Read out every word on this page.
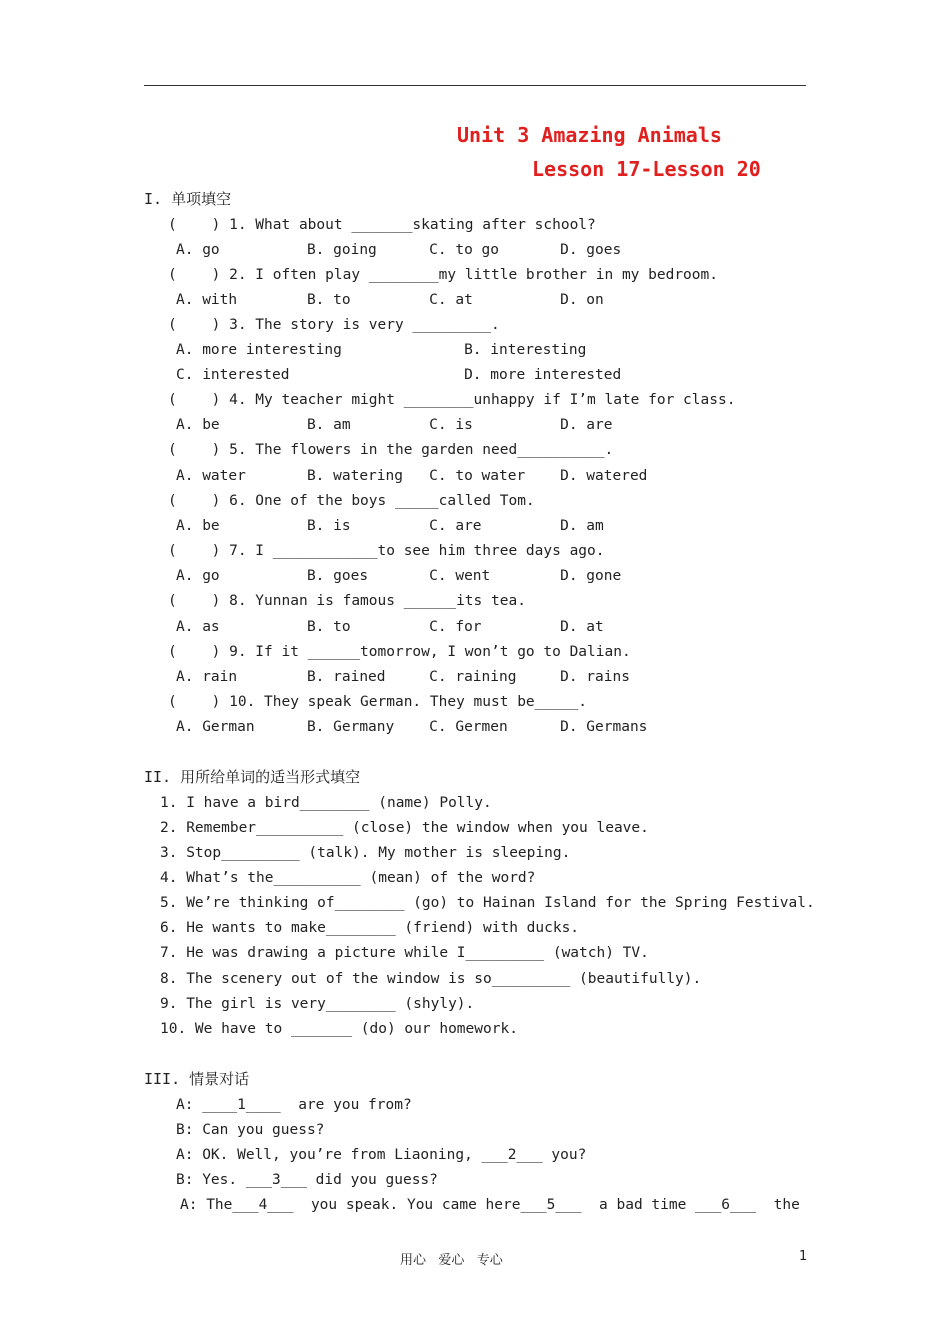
Unit 3 Amazing Animals
Lesson 17-Lesson 20
I. 单项填空
(    ) 1. What about _______skating after school?
A. go          B. going      C. to go       D. goes
(    ) 2. I often play ________my little brother in my bedroom.
A. with        B. to         C. at          D. on
(    ) 3. The story is very _________.
A. more interesting              B. interesting
C. interested                    D. more interested
(    ) 4. My teacher might ________unhappy if I’m late for class.
A. be          B. am         C. is          D. are
(    ) 5. The flowers in the garden need__________.
A. water       B. watering   C. to water    D. watered
(    ) 6. One of the boys _____called Tom.
A. be          B. is         C. are         D. am
(    ) 7. I ____________to see him three days ago.
A. go          B. goes       C. went        D. gone
(    ) 8. Yunnan is famous ______its tea.
A. as          B. to         C. for         D. at
(    ) 9. If it ______tomorrow, I won’t go to Dalian.
A. rain        B. rained     C. raining     D. rains
(    ) 10. They speak German. They must be_____.
A. German      B. Germany    C. Germen      D. Germans
II. 用所给单词的适当形式填空
1. I have a bird________ (name) Polly.
2. Remember__________ (close) the window when you leave.
3. Stop_________ (talk). My mother is sleeping.
4. What’s the__________ (mean) of the word?
5. We’re thinking of________ (go) to Hainan Island for the Spring Festival.
6. He wants to make________ (friend) with ducks.
7. He was drawing a picture while I_________ (watch) TV.
8. The scenery out of the window is so_________ (beautifully).
9. The girl is very________ (shyly).
10. We have to _______ (do) our homework.
III. 情景对话
A: ____1____  are you from?
B: Can you guess?
A: OK. Well, you’re from Liaoning, ___2___ you?
B: Yes. ___3___ did you guess?
A: The___4___  you speak. You came here___5___  a bad time ___6___  the
用心   爱心   专心	1
